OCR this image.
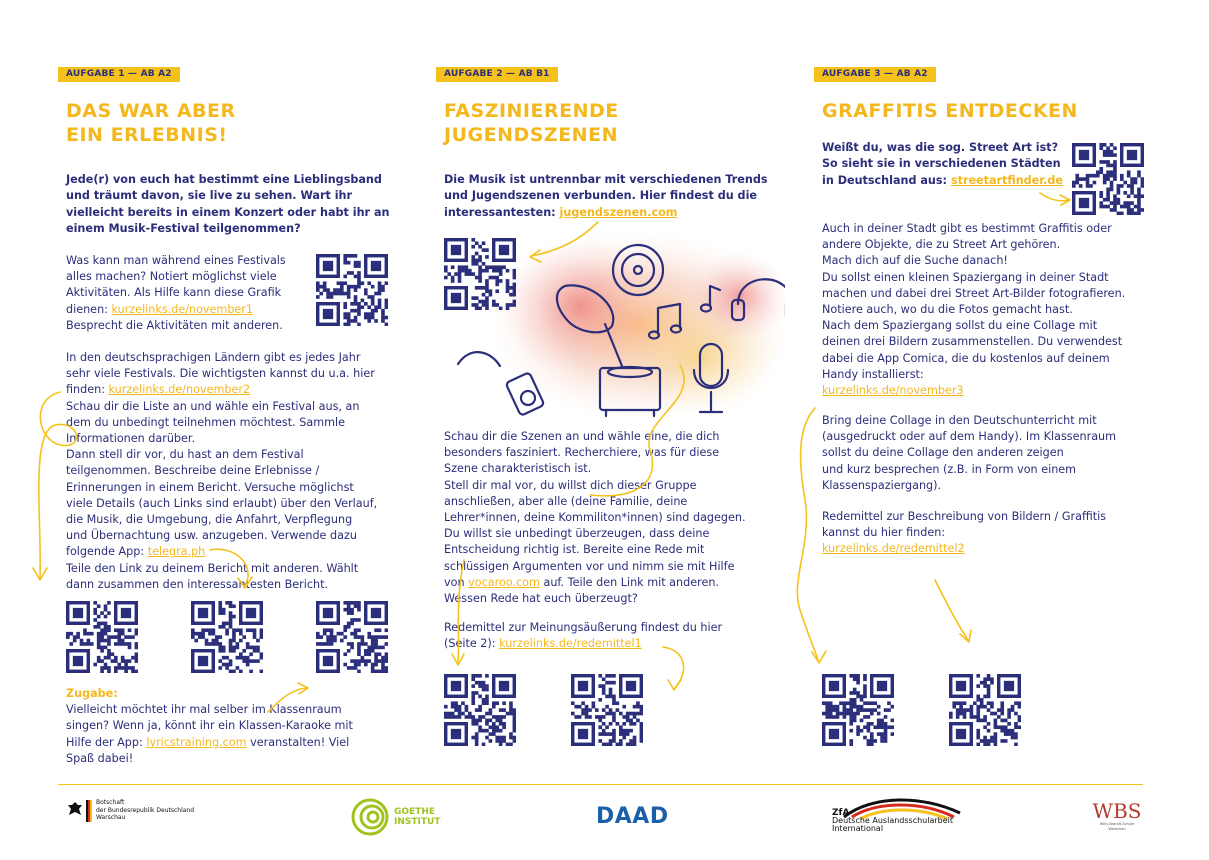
AUFGABE 1 — AB A2
DAS WAR ABER
EIN ERLEBNIS!
Jede(r) von euch hat bestimmt eine Lieblingsband
und träumt davon, sie live zu sehen. Wart ihr
vielleicht bereits in einem Konzert oder habt ihr an
einem Musik-Festival teilgenommen?
Was kann man während eines Festivals
alles machen? Notiert möglichst viele
Aktivitäten. Als Hilfe kann diese Grafik
dienen: kurzelinks.de/november1
Besprecht die Aktivitäten mit anderen.
In den deutschsprachigen Ländern gibt es jedes Jahr
sehr viele Festivals. Die wichtigsten kannst du u.a. hier
finden: kurzelinks.de/november2
Schau dir die Liste an und wähle ein Festival aus, an
dem du unbedingt teilnehmen möchtest. Sammle
Informationen darüber.
Dann stell dir vor, du hast an dem Festival
teilgenommen. Beschreibe deine Erlebnisse /
Erinnerungen in einem Bericht. Versuche möglichst
viele Details (auch Links sind erlaubt) über den Verlauf,
die Musik, die Umgebung, die Anfahrt, Verpflegung
und Übernachtung usw. anzugeben. Verwende dazu
folgende App: telegra.ph
Teile den Link zu deinem Bericht mit anderen. Wählt
dann zusammen den interessantesten Bericht.
Zugabe:
Vielleicht möchtet ihr mal selber im Klassenraum
singen? Wenn ja, könnt ihr ein Klassen-Karaoke mit
Hilfe der App: lyricstraining.com veranstalten! Viel
Spaß dabei!
AUFGABE 2 — AB B1
FASZINIERENDE
JUGENDSZENEN
Die Musik ist untrennbar mit verschiedenen Trends
und Jugendszenen verbunden. Hier findest du die
interessantesten: jugendszenen.com
Schau dir die Szenen an und wähle eine, die dich
besonders fasziniert. Recherchiere, was für diese
Szene charakteristisch ist.
Stell dir mal vor, du willst dich dieser Gruppe
anschließen, aber alle (deine Familie, deine
Lehrer*innen, deine Kommiliton*innen) sind dagegen.
Du willst sie unbedingt überzeugen, dass deine
Entscheidung richtig ist. Bereite eine Rede mit
schlüssigen Argumenten vor und nimm sie mit Hilfe
von vocaroo.com auf. Teile den Link mit anderen.
Wessen Rede hat euch überzeugt?
Redemittel zur Meinungsäußerung findest du hier
(Seite 2): kurzelinks.de/redemittel1
AUFGABE 3 — AB A2
GRAFFITIS ENTDECKEN
Weißt du, was die sog. Street Art ist?
So sieht sie in verschiedenen Städten
in Deutschland aus: streetartfinder.de
Auch in deiner Stadt gibt es bestimmt Graffitis oder
andere Objekte, die zu Street Art gehören.
Mach dich auf die Suche danach!
Du sollst einen kleinen Spaziergang in deiner Stadt
machen und dabei drei Street Art-Bilder fotografieren.
Notiere auch, wo du die Fotos gemacht hast.
Nach dem Spaziergang sollst du eine Collage mit
deinen drei Bildern zusammenstellen. Du verwendest
dabei die App Comica, die du kostenlos auf deinem
Handy installierst:
kurzelinks.de/november3
Bring deine Collage in den Deutschunterricht mit
(ausgedruckt oder auf dem Handy). Im Klassenraum
sollst du deine Collage den anderen zeigen
und kurz besprechen (z.B. in Form von einem
Klassenspaziergang).
Redemittel zur Beschreibung von Bildern / Graffitis
kannst du hier finden:
kurzelinks.de/redemittel2
Botschaft
der Bundesrepublik Deutschland
Warschau
GOETHE
INSTITUT	DAAD	ZfA
Deutsche Auslandsschularbeit
International
WBS
Willy-Brandt-Schule Warschau
